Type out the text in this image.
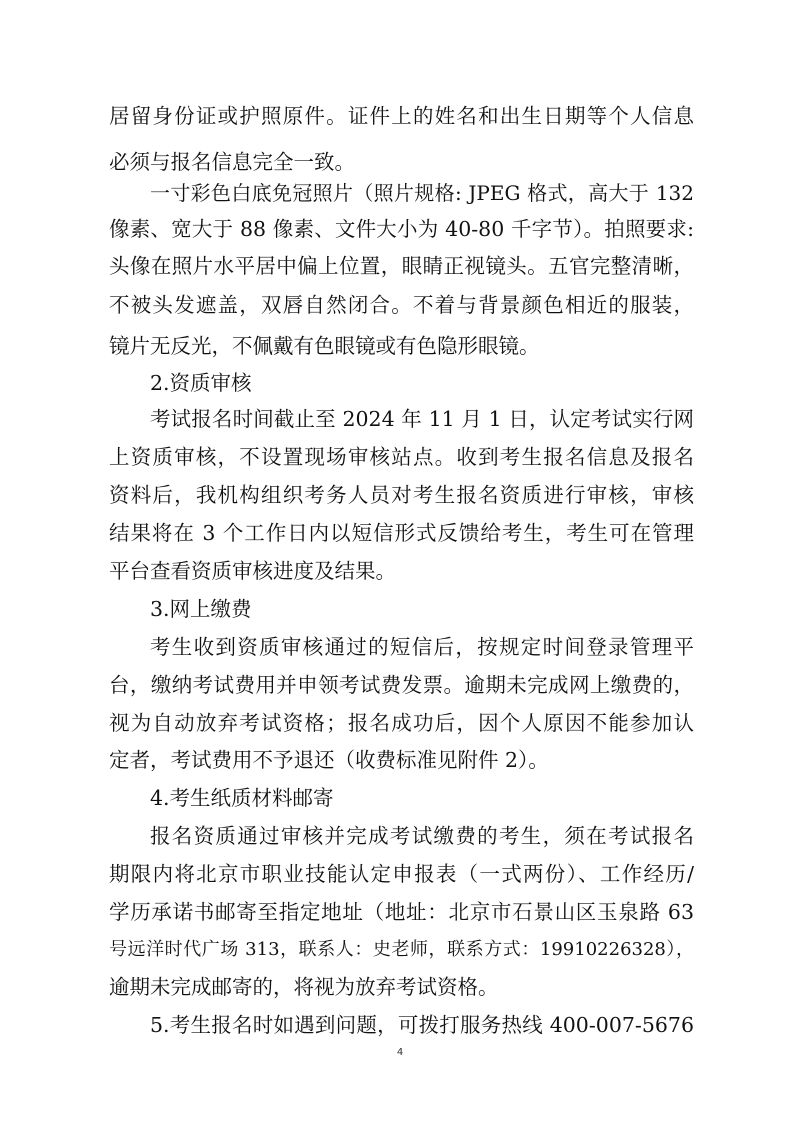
居留身份证或护照原件。证件上的姓名和出生日期等个人信息
必须与报名信息完全一致。
一寸彩色白底免冠照片（照片规格: JPEG 格式，高大于 132
像素、宽大于 88 像素、文件大小为 40-80 千字节）。拍照要求:
头像在照片水平居中偏上位置，眼睛正视镜头。五官完整清晰，
不被头发遮盖，双唇自然闭合。不着与背景颜色相近的服装，
镜片无反光，不佩戴有色眼镜或有色隐形眼镜。
2.资质审核
考试报名时间截止至 2024 年 11 月 1 日，认定考试实行网
上资质审核，不设置现场审核站点。收到考生报名信息及报名
资料后，我机构组织考务人员对考生报名资质进行审核，审核
结果将在 3 个工作日内以短信形式反馈给考生，考生可在管理
平台查看资质审核进度及结果。
3.网上缴费
考生收到资质审核通过的短信后，按规定时间登录管理平
台，缴纳考试费用并申领考试费发票。逾期未完成网上缴费的，
视为自动放弃考试资格；报名成功后，因个人原因不能参加认
定者，考试费用不予退还（收费标准见附件 2）。
4.考生纸质材料邮寄
报名资质通过审核并完成考试缴费的考生，须在考试报名
期限内将北京市职业技能认定申报表（一式两份）、工作经历/
学历承诺书邮寄至指定地址（地址：北京市石景山区玉泉路 63
号远洋时代广场 313，联系人：史老师，联系方式：19910226328），
逾期未完成邮寄的，将视为放弃考试资格。
5.考生报名时如遇到问题，可拨打服务热线 400-007-5676
4
